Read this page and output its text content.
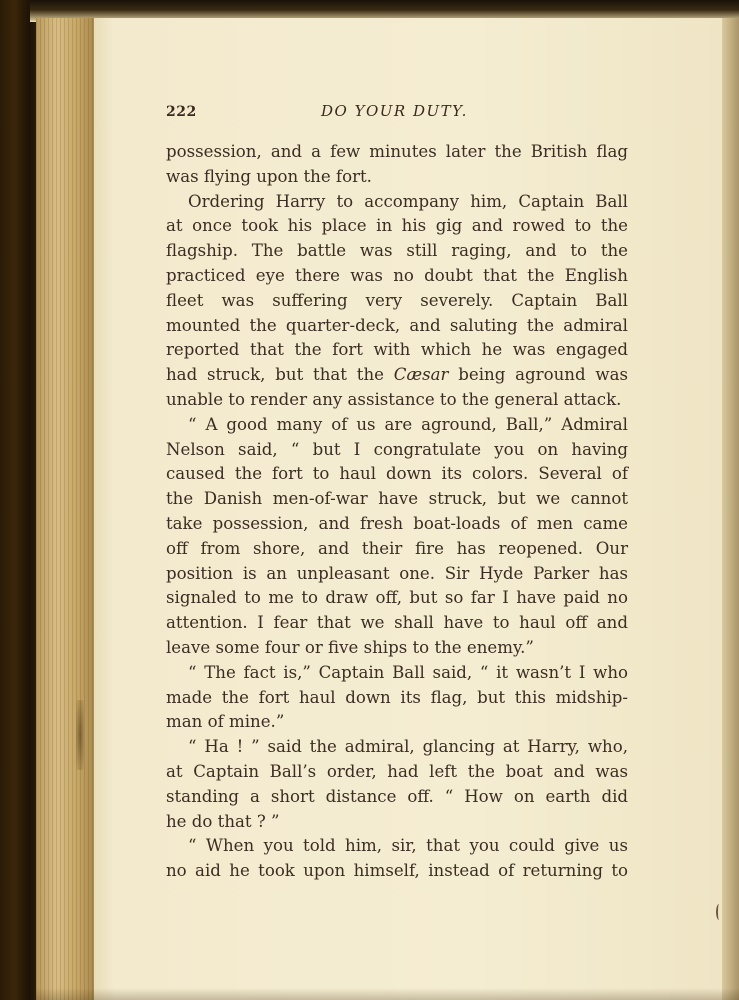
222	DO YOUR DUTY.
possession, and a few minutes later the British flag
was flying upon the fort.
Ordering Harry to accompany him, Captain Ball
at once took his place in his gig and rowed to the
flagship. The battle was still raging, and to the
practiced eye there was no doubt that the English
fleet was suffering very severely. Captain Ball
mounted the quarter-deck, and saluting the admiral
reported that the fort with which he was engaged
had struck, but that the Cæsar being aground was
unable to render any assistance to the general attack.
“ A good many of us are aground, Ball,” Admiral
Nelson said, “ but I congratulate you on having
caused the fort to haul down its colors. Several of
the Danish men-of-war have struck, but we cannot
take possession, and fresh boat-loads of men came
off from shore, and their fire has reopened. Our
position is an unpleasant one. Sir Hyde Parker has
signaled to me to draw off, but so far I have paid no
attention. I fear that we shall have to haul off and
leave some four or five ships to the enemy.”
“ The fact is,” Captain Ball said, “ it wasn’t I who
made the fort haul down its flag, but this midship-
man of mine.”
“ Ha ! ” said the admiral, glancing at Harry, who,
at Captain Ball’s order, had left the boat and was
standing a short distance off. “ How on earth did
he do that ? ”
“ When you told him, sir, that you could give us
no aid he took upon himself, instead of returning to
